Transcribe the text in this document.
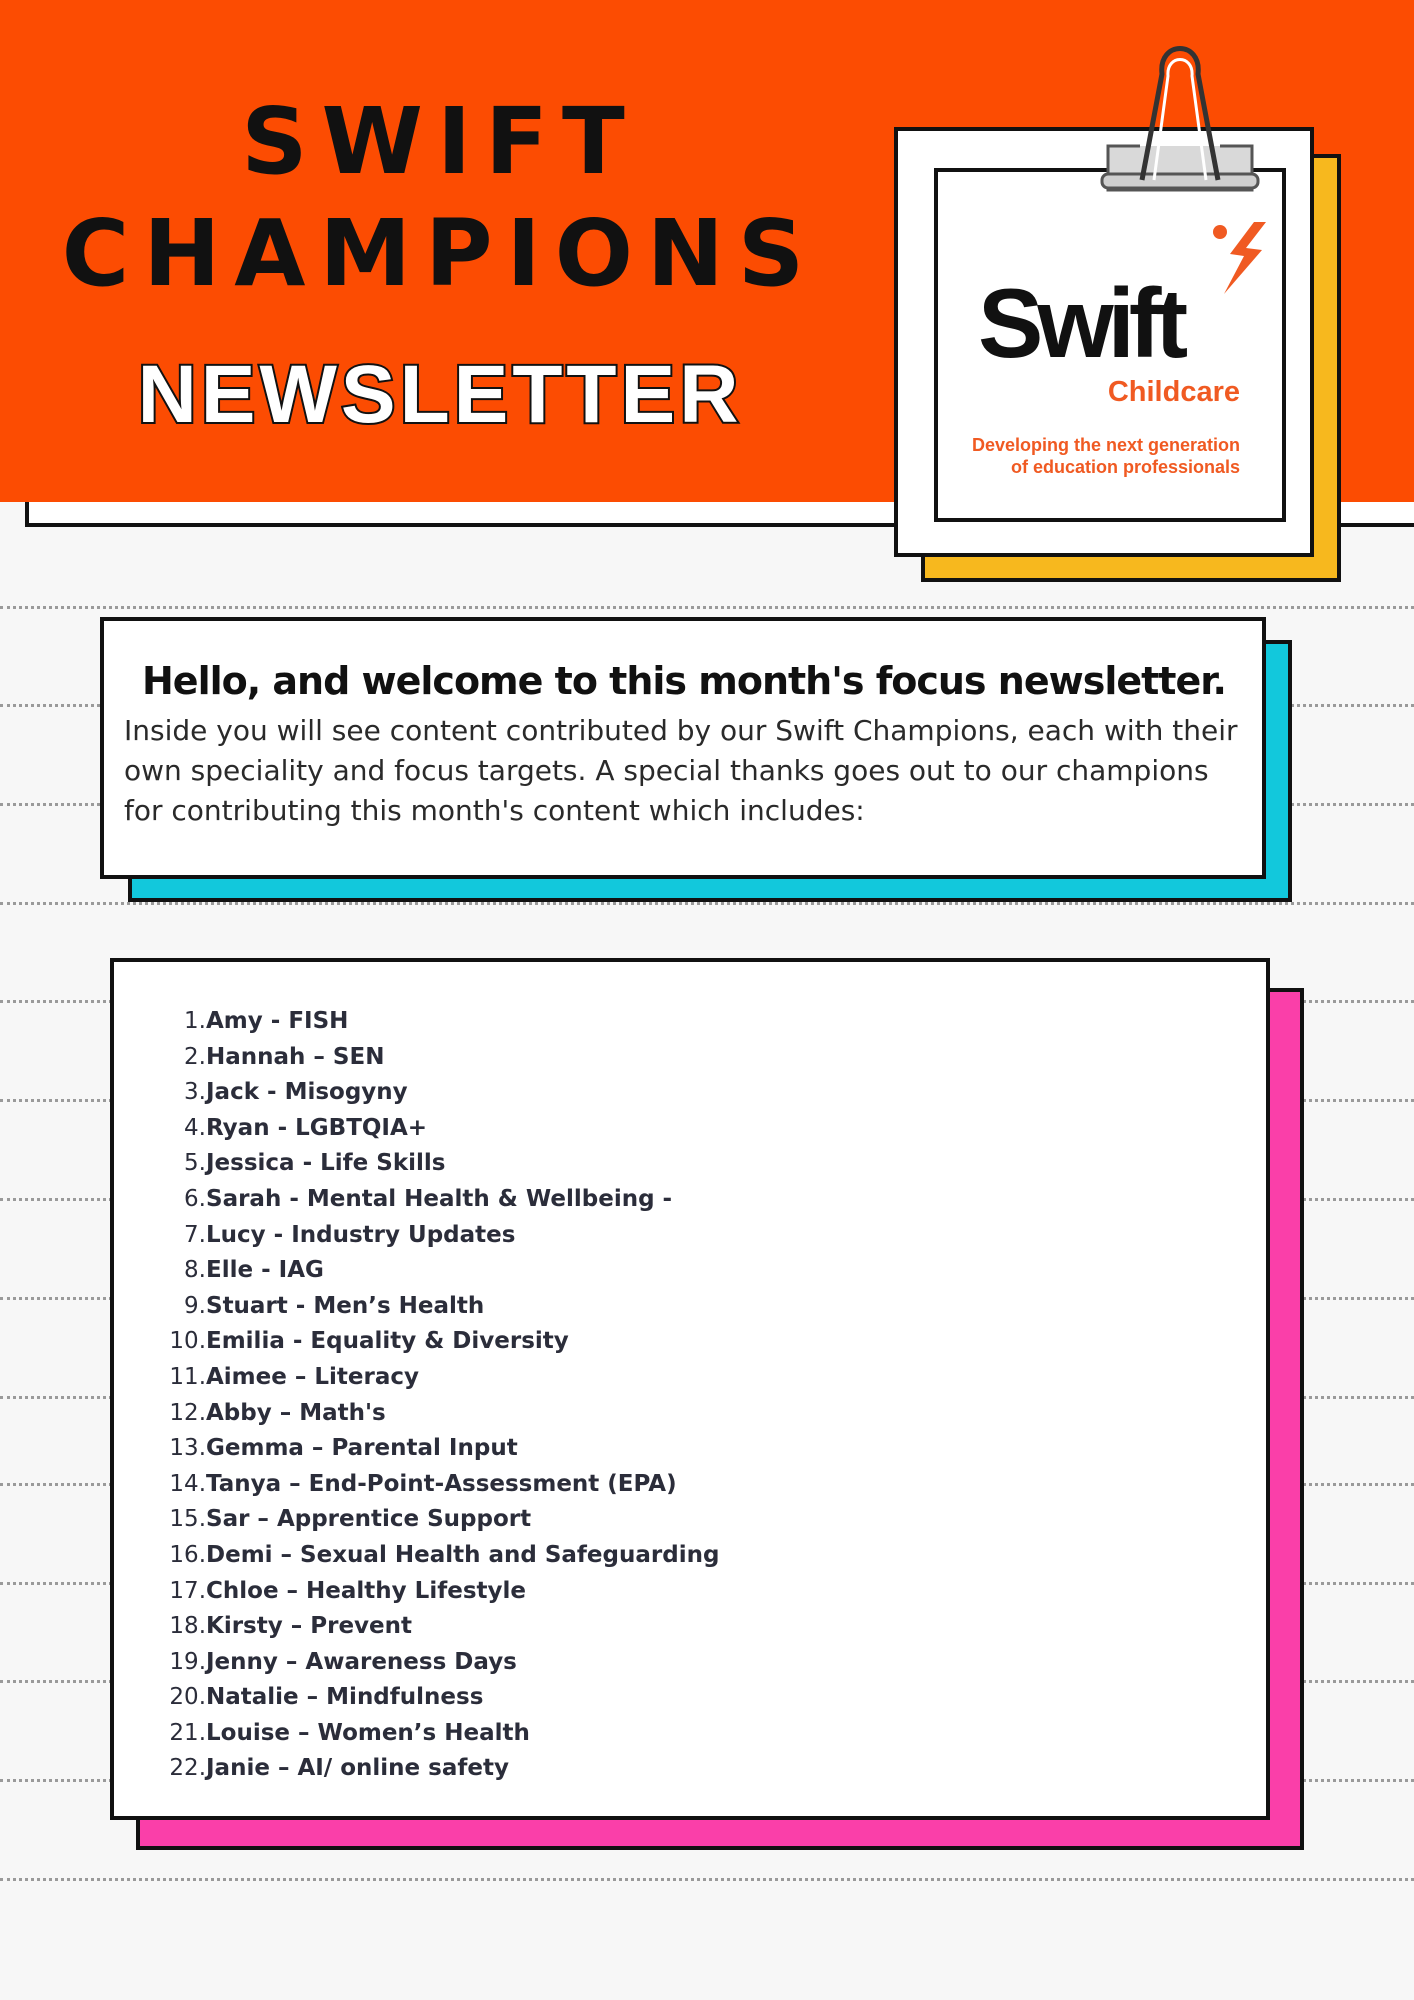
SWIFT
CHAMPIONS
NEWSLETTER
Swift
Childcare
Developing the next generation
of education professionals
Hello, and welcome to this month's focus newsletter.
Inside you will see content contributed by our Swift Champions, each with their own speciality and focus targets. A special thanks goes out to our champions for contributing this month's content which includes:
1.Amy - FISH
2.Hannah – SEN
3.Jack - Misogyny
4.Ryan - LGBTQIA+
5.Jessica - Life Skills
6.Sarah - Mental Health & Wellbeing -
7.Lucy - Industry Updates
8.Elle - IAG
9.Stuart - Men’s Health
10.Emilia - Equality & Diversity
11.Aimee – Literacy
12.Abby – Math's
13.Gemma – Parental Input
14.Tanya – End-Point-Assessment (EPA)
15.Sar – Apprentice Support
16.Demi – Sexual Health and Safeguarding
17.Chloe – Healthy Lifestyle
18.Kirsty – Prevent
19.Jenny – Awareness Days
20.Natalie – Mindfulness
21.Louise – Women’s Health
22.Janie – AI/ online safety
